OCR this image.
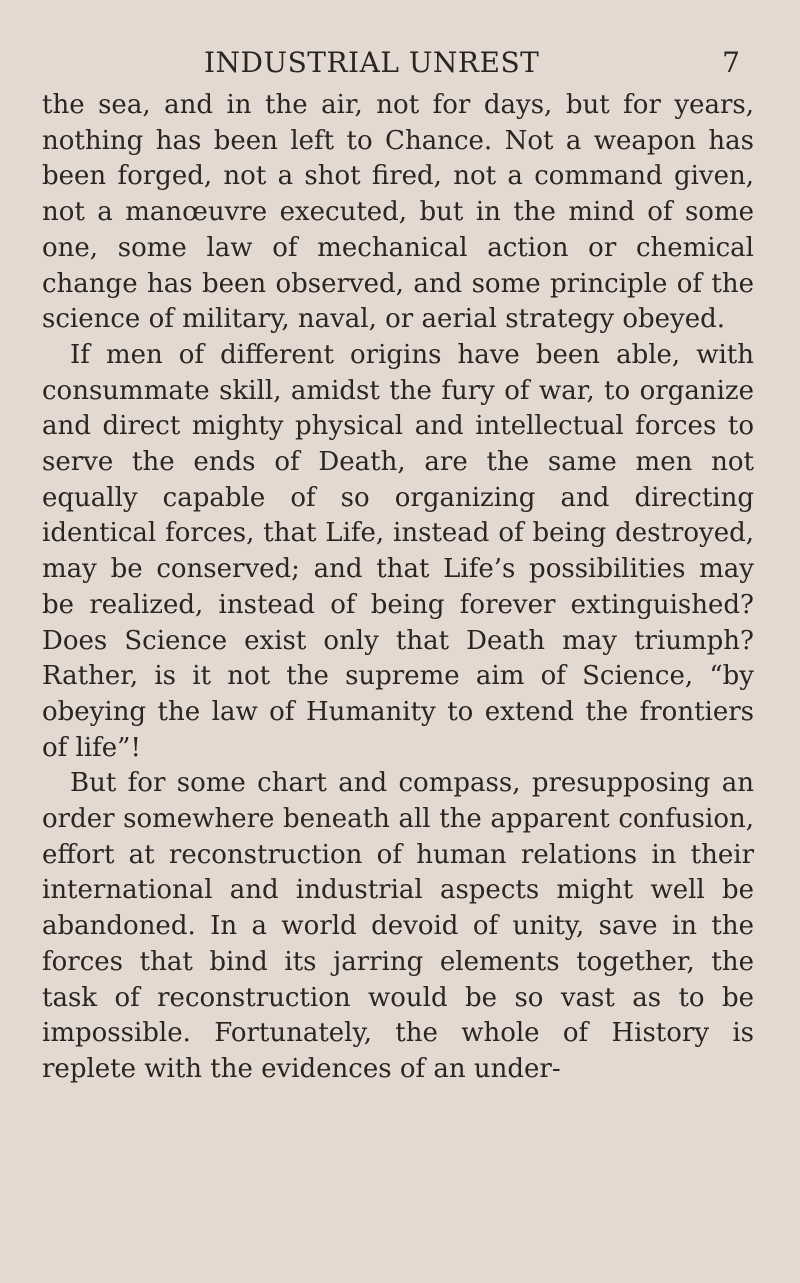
INDUSTRIAL UNREST	7

the sea, and in the air, not for days, but for years, nothing has been left to Chance. Not a weapon has been forged, not a shot fired, not a command given, not a manœuvre executed, but in the mind of some one, some law of mechanical action or chemical change has been observed, and some principle of the science of military, naval, or aerial strategy obeyed.

If men of different origins have been able, with consummate skill, amidst the fury of war, to organize and direct mighty physical and intellectual forces to serve the ends of Death, are the same men not equally capable of so organizing and directing identical forces, that Life, instead of being destroyed, may be conserved; and that Life’s possibilities may be realized, instead of being forever extinguished? Does Science exist only that Death may triumph? Rather, is it not the supreme aim of Science, “by obeying the law of Humanity to extend the frontiers of life”!

But for some chart and compass, presupposing an order somewhere beneath all the apparent confusion, effort at reconstruction of human relations in their international and industrial aspects might well be abandoned. In a world devoid of unity, save in the forces that bind its jarring elements together, the task of reconstruction would be so vast as to be impossible. Fortunately, the whole of History is replete with the evidences of an under-
